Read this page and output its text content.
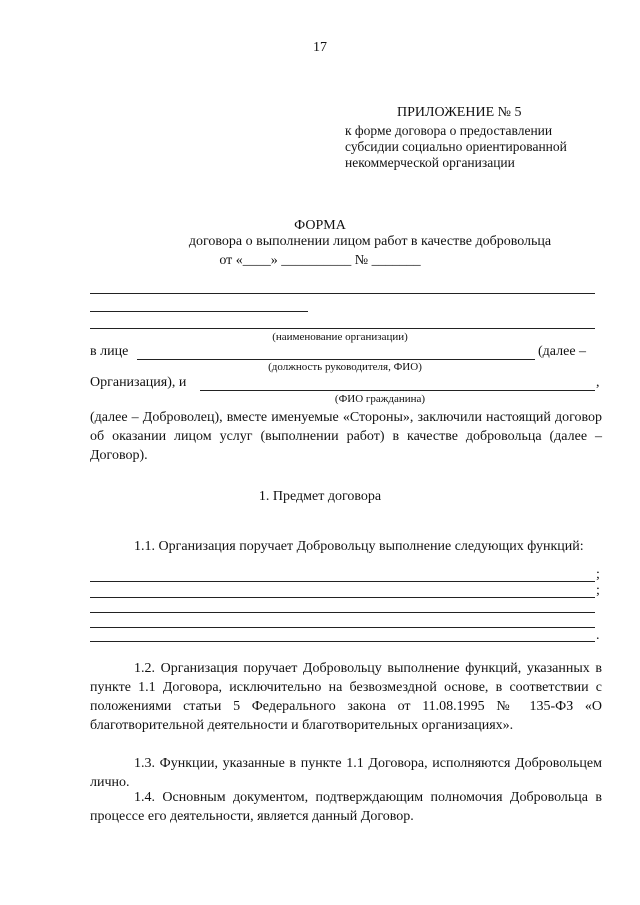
17
ПРИЛОЖЕНИЕ № 5
к форме договора о предоставлении
субсидии социально ориентированной
некоммерческой организации
ФОРМА
договора о выполнении лицом работ в качестве добровольца
от «____» __________ № _______
(наименование организации)
в лице	(далее –
(должность руководителя, ФИО)
Организация), и	,
(ФИО гражданина)
(далее – Доброволец), вместе именуемые «Стороны», заключили настоящий договор об оказании лицом услуг (выполнении работ) в качестве добровольца (далее – Договор).
1. Предмет договора
1.1. Организация поручает Добровольцу выполнение следующих функций:
;
;
.
1.2. Организация поручает Добровольцу выполнение функций, указанных в пункте 1.1 Договора, исключительно на безвозмездной основе, в соответствии с положениями статьи 5 Федерального закона от 11.08.1995 № 135-ФЗ «О благотворительной деятельности и благотворительных организациях».
1.3. Функции, указанные в пункте 1.1 Договора, исполняются Добровольцем лично.
1.4. Основным документом, подтверждающим полномочия Добровольца в процессе его деятельности, является данный Договор.
